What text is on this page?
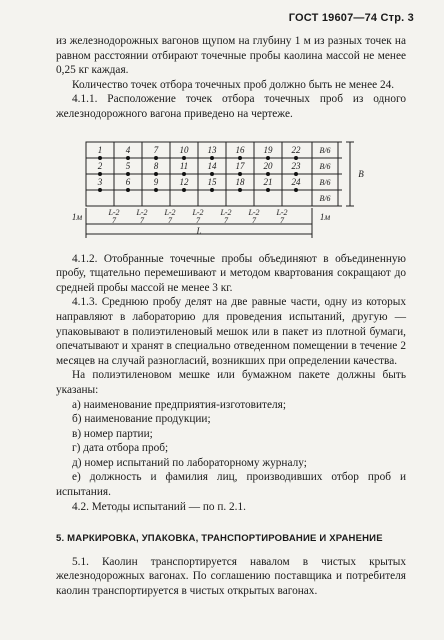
ГОСТ 19607—74 Стр. 3

из железнодорожных вагонов щупом на глубину 1 м из разных точек на равном расстоянии отбирают точечные пробы каолина массой не менее 0,25 кг каждая.

Количество точек отбора точечных проб должно быть не менее 24.

4.1.1. Расположение точек отбора точечных проб из одного железнодорожного вагона приведено на чертеже.

1	4	7	10	13	16	19	22
2	5	8	11	14	17	20	23
3	6	9	12	15	18	21	24
В/6
В/6
В/6
В/6
В
1м	L-2	L-2	L-2	L-2	L-2	L-2	L-2
7	7	7	7	7	7	7	1м
L

4.1.2. Отобранные точечные пробы объединяют в объединенную пробу, тщательно перемешивают и методом квартования сокращают до средней пробы массой не менее 3 кг.

4.1.3. Среднюю пробу делят на две равные части, одну из которых направляют в лабораторию для проведения испытаний, другую — упаковывают в полиэтиленовый мешок или в пакет из плотной бумаги, опечатывают и хранят в специально отведенном помещении в течение 2 месяцев на случай разногласий, возникших при определении качества.

На полиэтиленовом мешке или бумажном пакете должны быть указаны:

а) наименование предприятия-изготовителя;

б) наименование продукции;

в) номер партии;

г) дата отбора проб;

д) номер испытаний по лабораторному журналу;

е) должность и фамилия лиц, производивших отбор проб и испытания.

4.2. Методы испытаний — по п. 2.1.

5. МАРКИРОВКА, УПАКОВКА, ТРАНСПОРТИРОВАНИЕ И ХРАНЕНИЕ

5.1. Каолин транспортируется навалом в чистых крытых железнодорожных вагонах. По соглашению поставщика и потребителя каолин транспортируется в чистых открытых вагонах.
